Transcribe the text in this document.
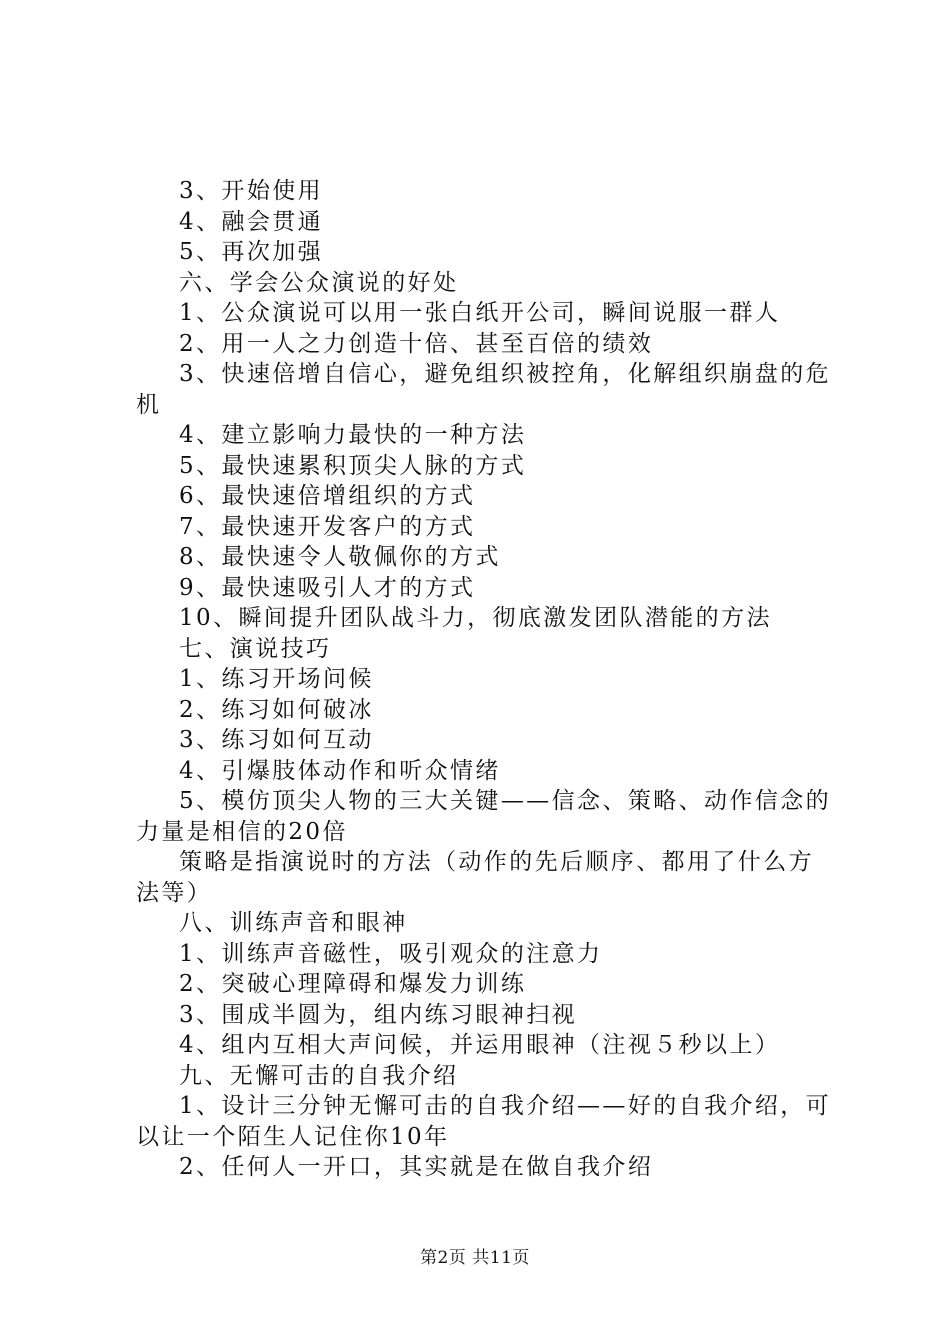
3、开始使用

4、融会贯通

5、再次加强

六、学会公众演说的好处

1、公众演说可以用一张白纸开公司，瞬间说服一群人

2、用一人之力创造十倍、甚至百倍的绩效

3、快速倍增自信心，避免组织被控角，化解组织崩盘的危机

4、建立影响力最快的一种方法

5、最快速累积顶尖人脉的方式

6、最快速倍增组织的方式

7、最快速开发客户的方式

8、最快速令人敬佩你的方式

9、最快速吸引人才的方式

10、瞬间提升团队战斗力，彻底激发团队潜能的方法

七、演说技巧

1、练习开场问候

2、练习如何破冰

3、练习如何互动

4、引爆肢体动作和听众情绪

5、模仿顶尖人物的三大关键——信念、策略、动作信念的力量是相信的20倍

策略是指演说时的方法（动作的先后顺序、都用了什么方法等）

八、训练声音和眼神

1、训练声音磁性，吸引观众的注意力

2、突破心理障碍和爆发力训练

3、围成半圆为，组内练习眼神扫视

4、组内互相大声问候，并运用眼神（注视５秒以上）

九、无懈可击的自我介绍

1、设计三分钟无懈可击的自我介绍——好的自我介绍，可以让一个陌生人记住你10年

2、任何人一开口，其实就是在做自我介绍

第2页 共11页
